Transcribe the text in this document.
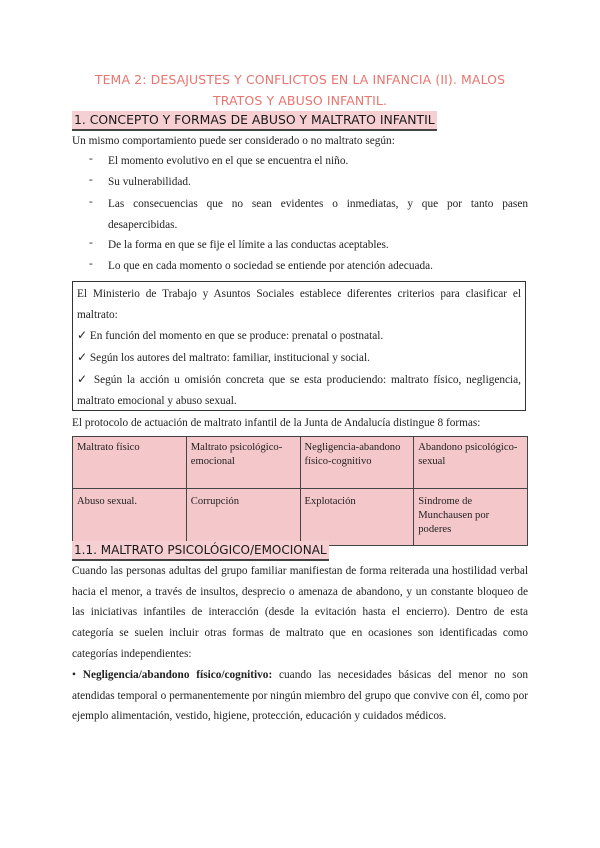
TEMA 2: DESAJUSTES Y CONFLICTOS EN LA INFANCIA (II). MALOS
TRATOS Y ABUSO INFANTIL.
1. CONCEPTO Y FORMAS DE ABUSO Y MALTRATO INFANTIL

Un mismo comportamiento puede ser considerado o no maltrato según:

- El momento evolutivo en el que se encuentra el niño.

- Su vulnerabilidad.

- Las consecuencias que no sean evidentes o inmediatas, y que por tanto pasen desapercibidas.

- De la forma en que se fije el límite a las conductas aceptables.

- Lo que en cada momento o sociedad se entiende por atención adecuada.

El Ministerio de Trabajo y Asuntos Sociales establece diferentes criterios para clasificar el maltrato:

✓ En función del momento en que se produce: prenatal o postnatal.

✓ Según los autores del maltrato: familiar, institucional y social.

✓ Según la acción u omisión concreta que se esta produciendo: maltrato físico, negligencia, maltrato emocional y abuso sexual.

El protocolo de actuación de maltrato infantil de la Junta de Andalucía distingue 8 formas:

Maltrato físico	Maltrato psicológico-emocional	Negligencia-abandono físico-cognitivo	Abandono psicológico-sexual
Abuso sexual.	Corrupción	Explotación	Síndrome de Munchausen por poderes
1.1. MALTRATO PSICOLÓGICO/EMOCIONAL

Cuando las personas adultas del grupo familiar manifiestan de forma reiterada una hostilidad verbal hacia el menor, a través de insultos, desprecio o amenaza de abandono, y un constante bloqueo de las iniciativas infantiles de interacción (desde la evitación hasta el encierro). Dentro de esta categoría se suelen incluir otras formas de maltrato que en ocasiones son identificadas como categorías independientes:

• Negligencia/abandono físico/cognitivo: cuando las necesidades básicas del menor no son atendidas temporal o permanentemente por ningún miembro del grupo que convive con él, como por ejemplo alimentación, vestido, higiene, protección, educación y cuidados médicos.
